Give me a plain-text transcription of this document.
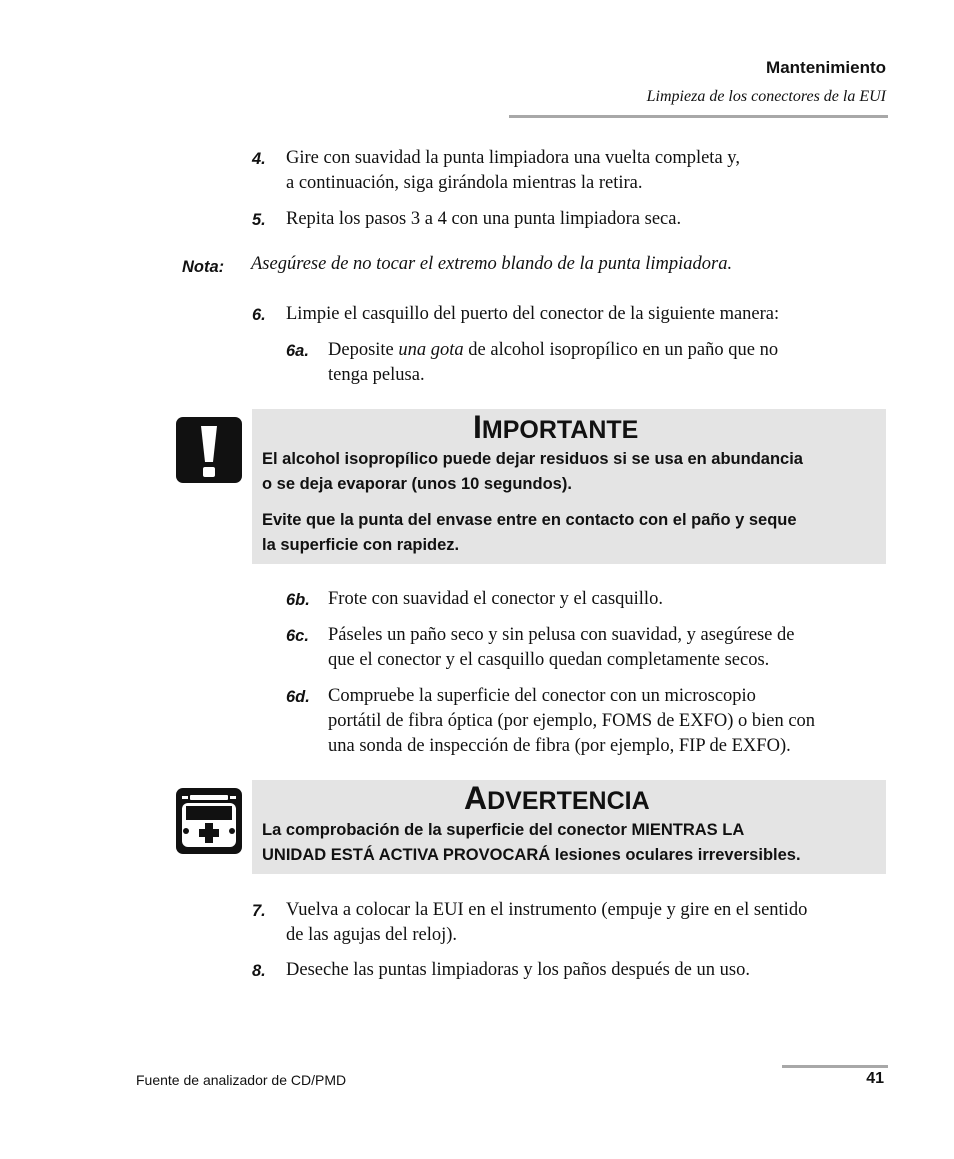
Mantenimiento
Limpieza de los conectores de la EUI
4. Gire con suavidad la punta limpiadora una vuelta completa y,
a continuación, siga girándola mientras la retira.
5. Repita los pasos 3 a 4 con una punta limpiadora seca.
Nota: Asegúrese de no tocar el extremo blando de la punta limpiadora.
6. Limpie el casquillo del puerto del conector de la siguiente manera:
6a. Deposite una gota de alcohol isopropílico en un paño que no
tenga pelusa.
IMPORTANTE
El alcohol isopropílico puede dejar residuos si se usa en abundancia
o se deja evaporar (unos 10 segundos).
Evite que la punta del envase entre en contacto con el paño y seque
la superficie con rapidez.
6b. Frote con suavidad el conector y el casquillo.
6c. Páseles un paño seco y sin pelusa con suavidad, y asegúrese de
que el conector y el casquillo quedan completamente secos.
6d. Compruebe la superficie del conector con un microscopio
portátil de fibra óptica (por ejemplo, FOMS de EXFO) o bien con
una sonda de inspección de fibra (por ejemplo, FIP de EXFO).
ADVERTENCIA
La comprobación de la superficie del conector MIENTRAS LA
UNIDAD ESTÁ ACTIVA PROVOCARÁ lesiones oculares irreversibles.
7. Vuelva a colocar la EUI en el instrumento (empuje y gire en el sentido
de las agujas del reloj).
8. Deseche las puntas limpiadoras y los paños después de un uso.
Fuente de analizador de CD/PMD	41
